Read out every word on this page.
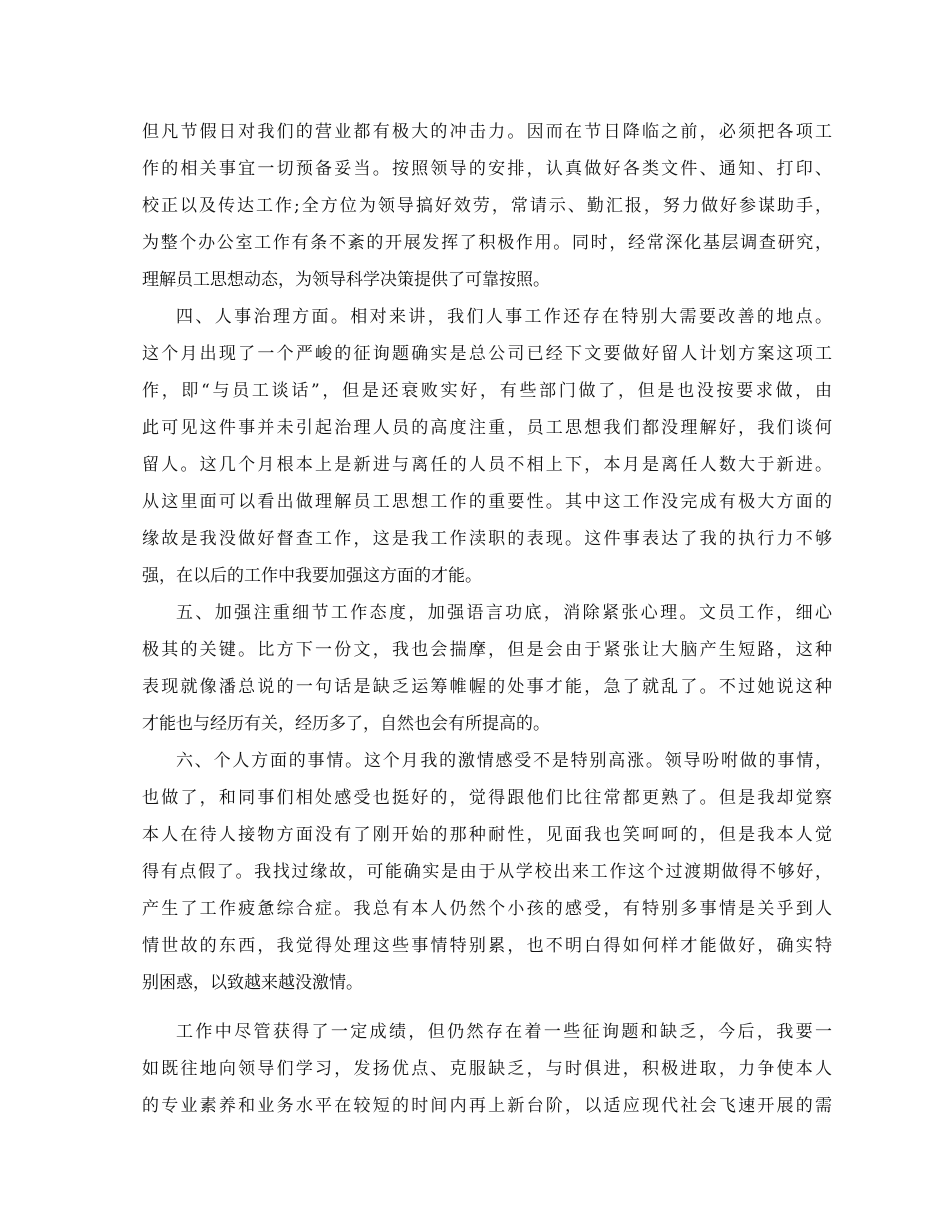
但凡节假日对我们的营业都有极大的冲击力。因而在节日降临之前，必须把各项工
作的相关事宜一切预备妥当。按照领导的安排，认真做好各类文件、通知、打印、
校正以及传达工作;全方位为领导搞好效劳，常请示、勤汇报，努力做好参谋助手，
为整个办公室工作有条不紊的开展发挥了积极作用。同时，经常深化基层调查研究，
理解员工思想动态，为领导科学决策提供了可靠按照。
四、人事治理方面。相对来讲，我们人事工作还存在特别大需要改善的地点。
这个月出现了一个严峻的征询题确实是总公司已经下文要做好留人计划方案这项工
作，即“与员工谈话”，但是还衰败实好，有些部门做了，但是也没按要求做，由
此可见这件事并未引起治理人员的高度注重，员工思想我们都没理解好，我们谈何
留人。这几个月根本上是新进与离任的人员不相上下，本月是离任人数大于新进。
从这里面可以看出做理解员工思想工作的重要性。其中这工作没完成有极大方面的
缘故是我没做好督查工作，这是我工作渎职的表现。这件事表达了我的执行力不够
强，在以后的工作中我要加强这方面的才能。
五、加强注重细节工作态度，加强语言功底，消除紧张心理。文员工作，细心
极其的关键。比方下一份文，我也会揣摩，但是会由于紧张让大脑产生短路，这种
表现就像潘总说的一句话是缺乏运筹帷幄的处事才能，急了就乱了。不过她说这种
才能也与经历有关，经历多了，自然也会有所提高的。
六、个人方面的事情。这个月我的激情感受不是特别高涨。领导吩咐做的事情，
也做了，和同事们相处感受也挺好的，觉得跟他们比往常都更熟了。但是我却觉察
本人在待人接物方面没有了刚开始的那种耐性，见面我也笑呵呵的，但是我本人觉
得有点假了。我找过缘故，可能确实是由于从学校出来工作这个过渡期做得不够好，
产生了工作疲惫综合症。我总有本人仍然个小孩的感受，有特别多事情是关乎到人
情世故的东西，我觉得处理这些事情特别累，也不明白得如何样才能做好，确实特
别困惑，以致越来越没激情。
工作中尽管获得了一定成绩，但仍然存在着一些征询题和缺乏，今后，我要一
如既往地向领导们学习，发扬优点、克服缺乏，与时俱进，积极进取，力争使本人
的专业素养和业务水平在较短的时间内再上新台阶，以适应现代社会飞速开展的需
